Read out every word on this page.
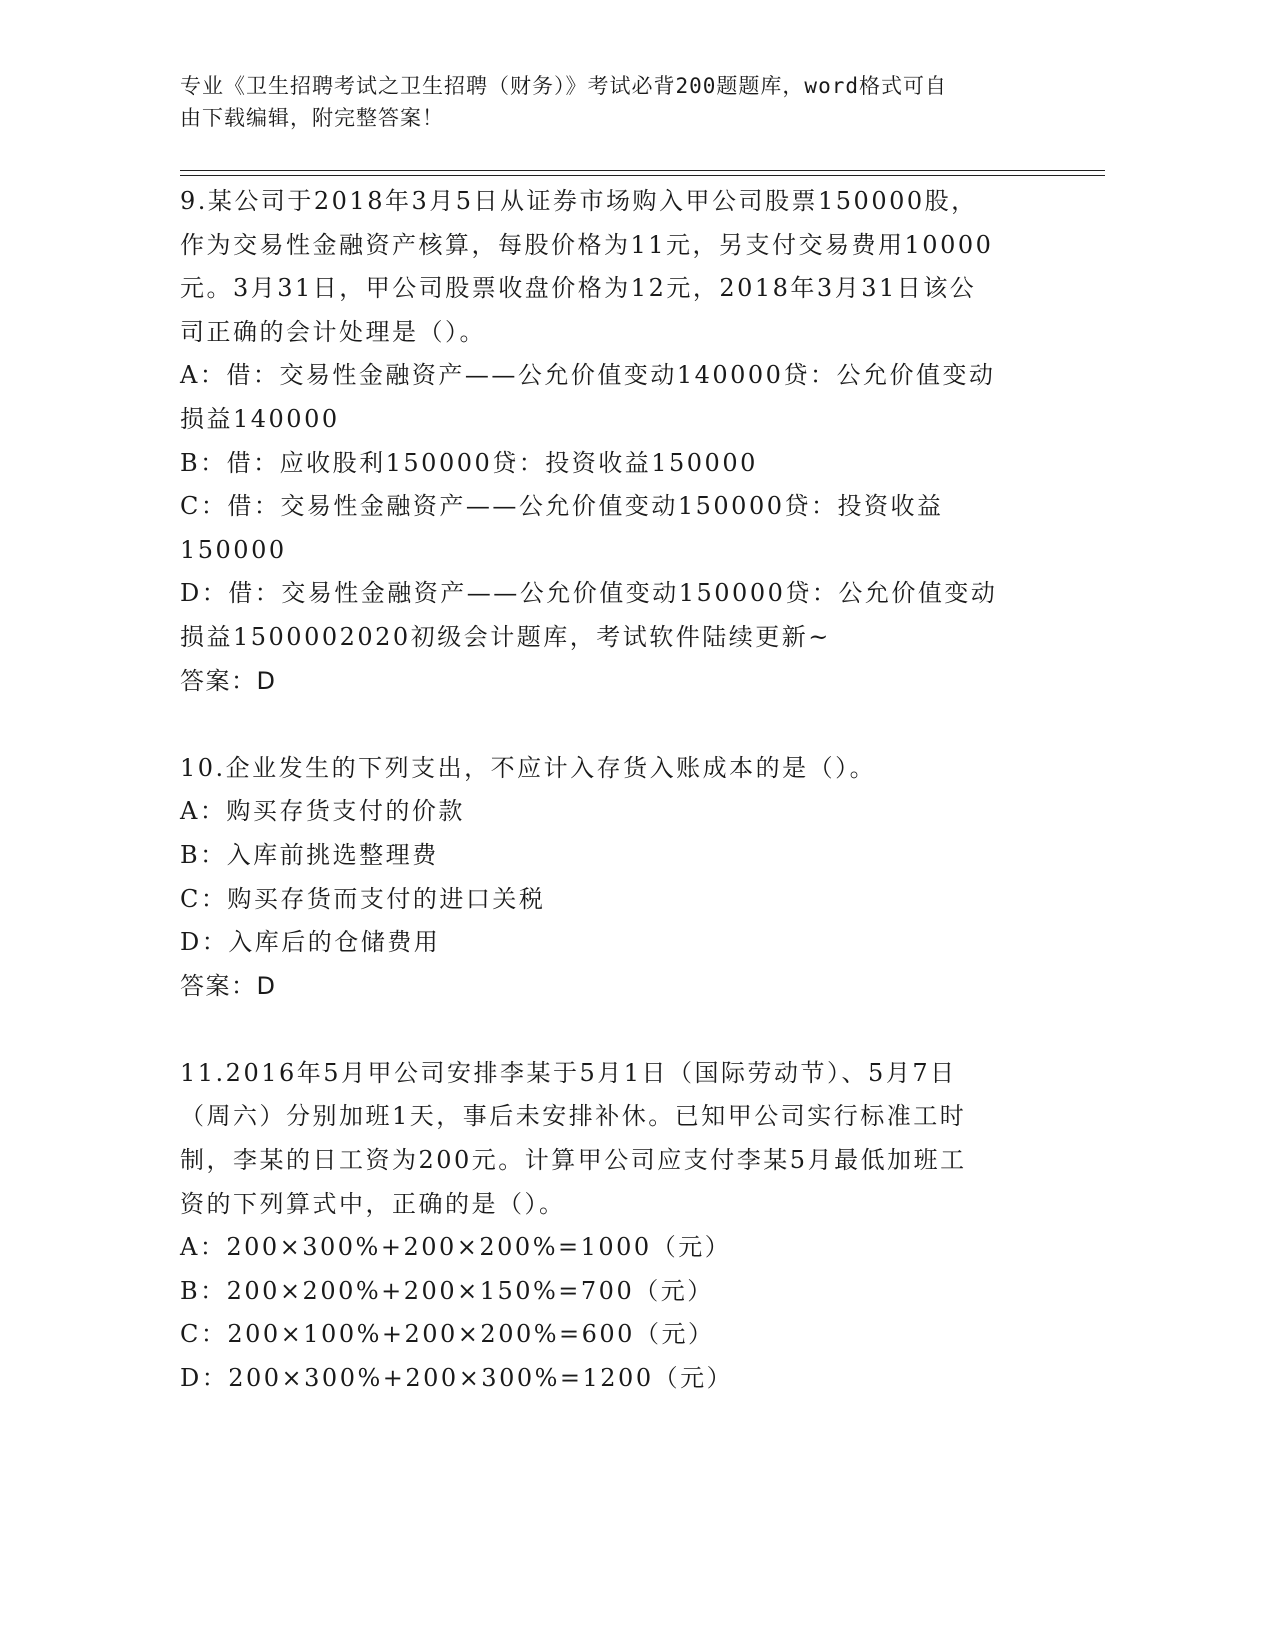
专业《卫生招聘考试之卫生招聘（财务）》考试必背200题题库，word格式可自
由下载编辑，附完整答案！
9.某公司于2018年3月5日从证券市场购入甲公司股票150000股，
作为交易性金融资产核算，每股价格为11元，另支付交易费用10000
元。3月31日，甲公司股票收盘价格为12元，2018年3月31日该公
司正确的会计处理是（）。
A：借：交易性金融资产——公允价值变动140000贷：公允价值变动
损益140000
B：借：应收股利150000贷：投资收益150000
C：借：交易性金融资产——公允价值变动150000贷：投资收益
150000
D：借：交易性金融资产——公允价值变动150000贷：公允价值变动
损益1500002020初级会计题库，考试软件陆续更新~
答案：D
10.企业发生的下列支出，不应计入存货入账成本的是（）。
A：购买存货支付的价款
B：入库前挑选整理费
C：购买存货而支付的进口关税
D：入库后的仓储费用
答案：D
11.2016年5月甲公司安排李某于5月1日（国际劳动节）、5月7日
（周六）分别加班1天，事后未安排补休。已知甲公司实行标准工时
制，李某的日工资为200元。计算甲公司应支付李某5月最低加班工
资的下列算式中，正确的是（）。
A：200×300%+200×200%=1000（元）
B：200×200%+200×150%=700（元）
C：200×100%+200×200%=600（元）
D：200×300%+200×300%=1200（元）
